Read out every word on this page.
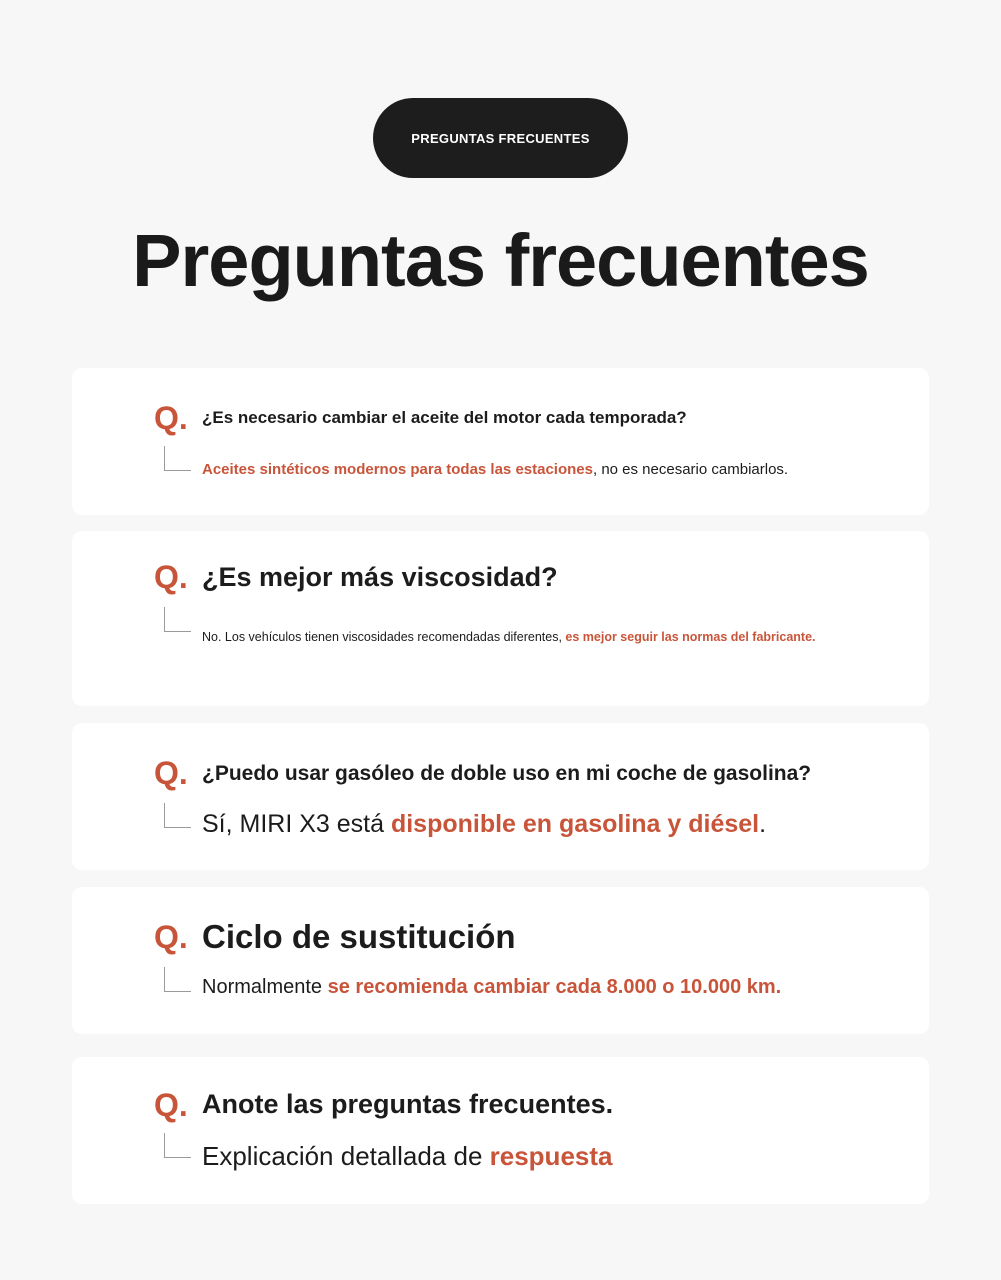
PREGUNTAS FRECUENTES
Preguntas frecuentes
Q. ¿Es necesario cambiar el aceite del motor cada temporada?
Aceites sintéticos modernos para todas las estaciones, no es necesario cambiarlos.
Q. ¿Es mejor más viscosidad?
No. Los vehículos tienen viscosidades recomendadas diferentes, es mejor seguir las normas del fabricante.
Q. ¿Puedo usar gasóleo de doble uso en mi coche de gasolina?
Sí, MIRI X3 está disponible en gasolina y diésel.
Q. Ciclo de sustitución
Normalmente se recomienda cambiar cada 8.000 o 10.000 km.
Q. Anote las preguntas frecuentes.
Explicación detallada de respuesta
